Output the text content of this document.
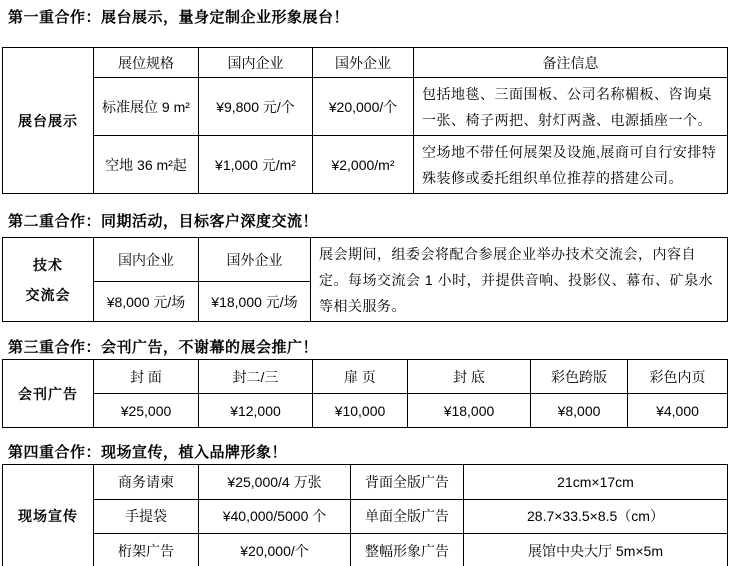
第一重合作：展台展示，量身定制企业形象展台！
展台展示	展位规格	国内企业	国外企业	备注信息
	标准展位 9 m²	¥9,800 元/个	¥20,000/个	包括地毯、三面围板、公司名称楣板、咨询桌一张、椅子两把、射灯两盏、电源插座一个。
	空地 36 m²起	¥1,000 元/m²	¥2,000/m²	空场地不带任何展架及设施,展商可自行安排特殊装修或委托组织单位推荐的搭建公司。
第二重合作：同期活动，目标客户深度交流！
技术
交流会	国内企业	国外企业	展会期间，组委会将配合参展企业举办技术交流会，内容自定。每场交流会 1 小时，并提供音响、投影仪、幕布、矿泉水等相关服务。
	¥8,000 元/场	¥18,000 元/场	
第三重合作：会刊广告，不谢幕的展会推广！
会刊广告	封 面	封二/三	扉 页	封 底	彩色跨版	彩色内页
	¥25,000	¥12,000	¥10,000	¥18,000	¥8,000	¥4,000
第四重合作：现场宣传，植入品牌形象！
现场宣传	商务请柬	¥25,000/4 万张	背面全版广告	21cm×17cm
	手提袋	¥40,000/5000 个	单面全版广告	28.7×33.5×8.5（cm）
	桁架广告	¥20,000/个	整幅形象广告	展馆中央大厅 5m×5m
